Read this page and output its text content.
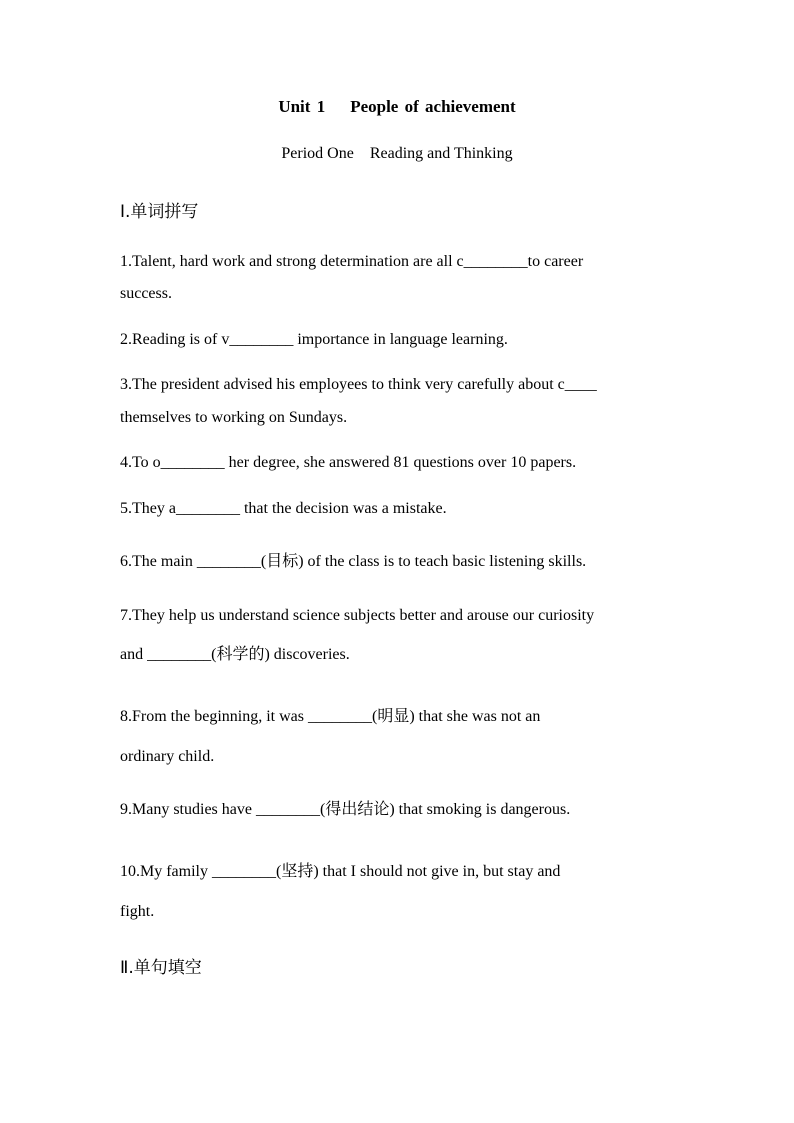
Unit 1 People of achievement
Period One Reading and Thinking
Ⅰ.单词拼写
1.Talent, hard work and strong determination are all c________to career
success.
2.Reading is of v________ importance in language learning.
3.The president advised his employees to think very carefully about c____
themselves to working on Sundays.
4.To o________ her degree, she answered 81 questions over 10 papers.
5.They a________ that the decision was a mistake.
6.The main ________(目标) of the class is to teach basic listening skills.
7.They help us understand science subjects better and arouse our curiosity
and ________(科学的) discoveries.
8.From the beginning, it was ________(明显) that she was not an
ordinary child.
9.Many studies have ________(得出结论) that smoking is dangerous.
10.My family ________(坚持) that I should not give in, but stay and
fight.
Ⅱ.单句填空
